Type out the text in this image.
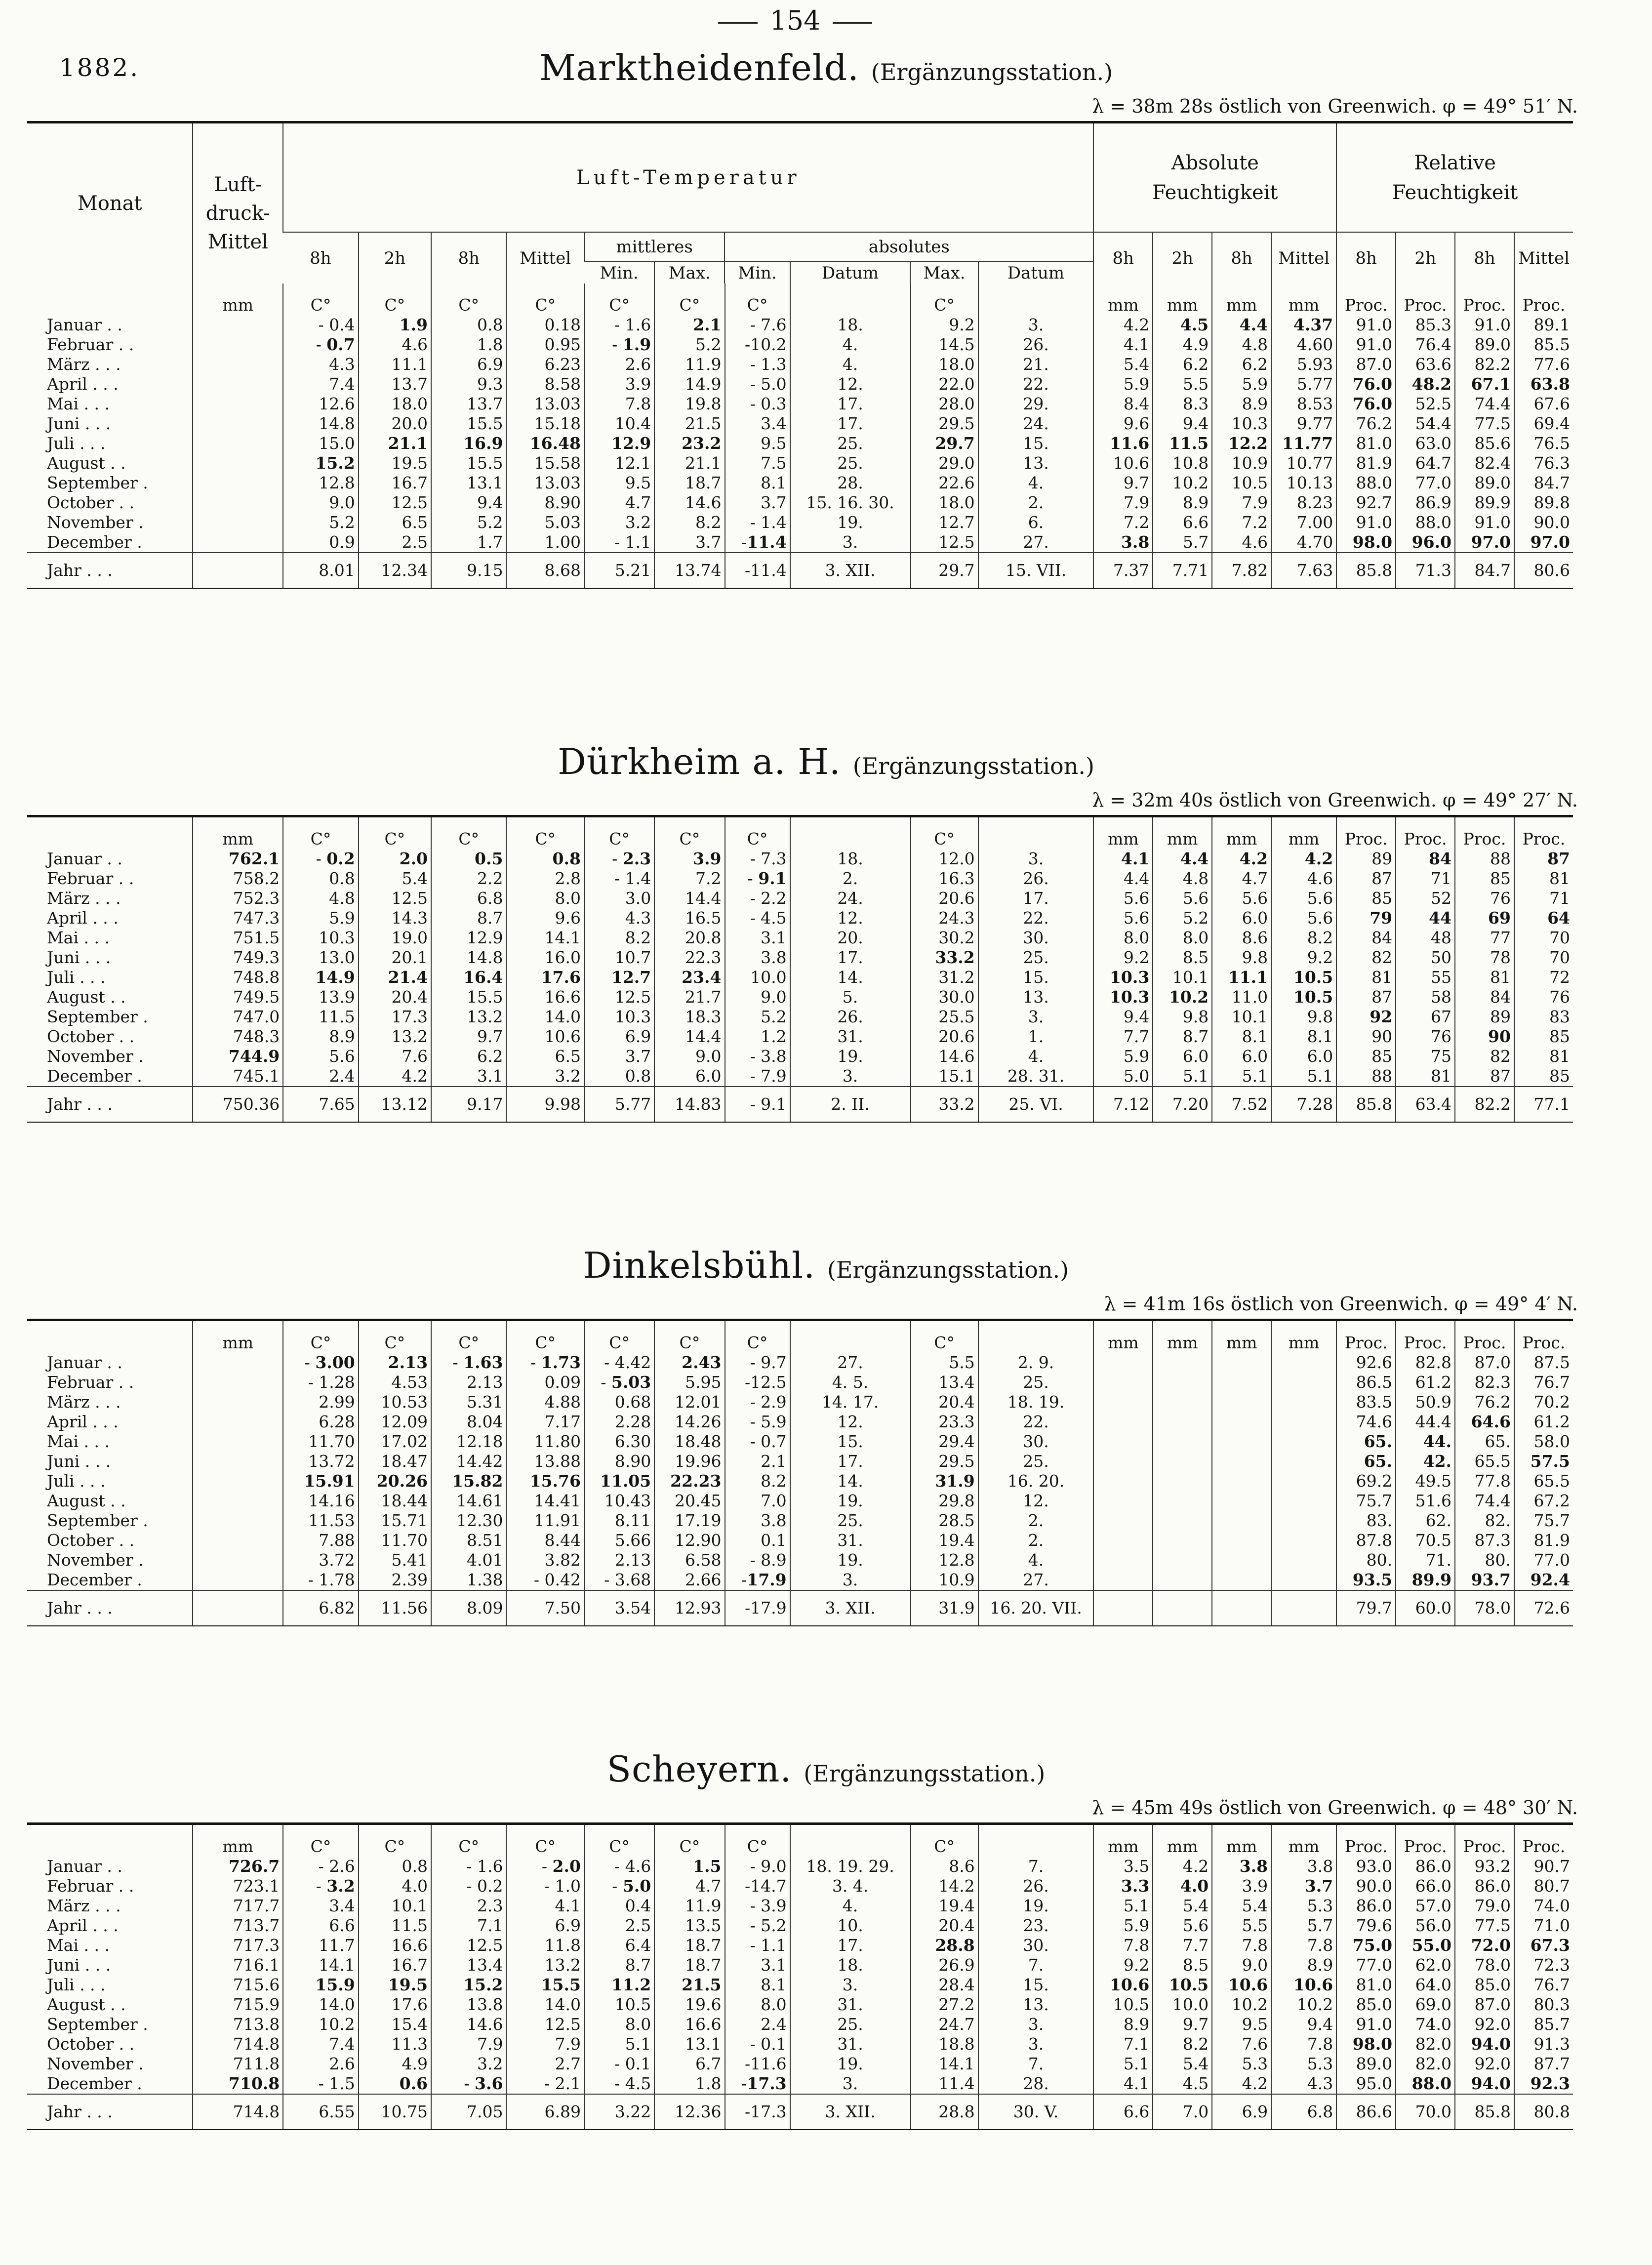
154
1882.	Marktheidenfeld. (Ergänzungsstation.)
λ = 38m 28s östlich von Greenwich. φ = 49° 51′ N.
Monat	Luft-
druck-
Mittel	Luft-Temperatur										Absolute
Feuchtigkeit				Relative
Feuchtigkeit			
		8h	2h	8h	Mittel	mittleres		absolutes				8h	2h	8h	Mittel	8h	2h	8h	Mittel
						Min.	Max.	Min.	Datum	Max.	Datum								
	mm	C°	C°	C°	C°	C°	C°	C°		C°		mm	mm	mm	mm	Proc.	Proc.	Proc.	Proc.
Januar . .		- 0.4	1.9	0.8	0.18	- 1.6	2.1	- 7.6	18.	9.2	3.	4.2	4.5	4.4	4.37	91.0	85.3	91.0	89.1
Februar . .		- 0.7	4.6	1.8	0.95	- 1.9	5.2	-10.2	4.	14.5	26.	4.1	4.9	4.8	4.60	91.0	76.4	89.0	85.5
März . . .		4.3	11.1	6.9	6.23	2.6	11.9	- 1.3	4.	18.0	21.	5.4	6.2	6.2	5.93	87.0	63.6	82.2	77.6
April . . .		7.4	13.7	9.3	8.58	3.9	14.9	- 5.0	12.	22.0	22.	5.9	5.5	5.9	5.77	76.0	48.2	67.1	63.8
Mai . . .		12.6	18.0	13.7	13.03	7.8	19.8	- 0.3	17.	28.0	29.	8.4	8.3	8.9	8.53	76.0	52.5	74.4	67.6
Juni . . .		14.8	20.0	15.5	15.18	10.4	21.5	3.4	17.	29.5	24.	9.6	9.4	10.3	9.77	76.2	54.4	77.5	69.4
Juli . . .		15.0	21.1	16.9	16.48	12.9	23.2	9.5	25.	29.7	15.	11.6	11.5	12.2	11.77	81.0	63.0	85.6	76.5
August . .		15.2	19.5	15.5	15.58	12.1	21.1	7.5	25.	29.0	13.	10.6	10.8	10.9	10.77	81.9	64.7	82.4	76.3
September .		12.8	16.7	13.1	13.03	9.5	18.7	8.1	28.	22.6	4.	9.7	10.2	10.5	10.13	88.0	77.0	89.0	84.7
October . .		9.0	12.5	9.4	8.90	4.7	14.6	3.7	15. 16. 30.	18.0	2.	7.9	8.9	7.9	8.23	92.7	86.9	89.9	89.8
November .		5.2	6.5	5.2	5.03	3.2	8.2	- 1.4	19.	12.7	6.	7.2	6.6	7.2	7.00	91.0	88.0	91.0	90.0
December .		0.9	2.5	1.7	1.00	- 1.1	3.7	-11.4	3.	12.5	27.	3.8	5.7	4.6	4.70	98.0	96.0	97.0	97.0
Jahr . . .		8.01	12.34	9.15	8.68	5.21	13.74	-11.4	3. XII.	29.7	15. VII.	7.37	7.71	7.82	7.63	85.8	71.3	84.7	80.6
Dürkheim a. H. (Ergänzungsstation.)
λ = 32m 40s östlich von Greenwich. φ = 49° 27′ N.
	mm	C°	C°	C°	C°	C°	C°	C°		C°		mm	mm	mm	mm	Proc.	Proc.	Proc.	Proc.
Januar . .	762.1	- 0.2	2.0	0.5	0.8	- 2.3	3.9	- 7.3	18.	12.0	3.	4.1	4.4	4.2	4.2	89	84	88	87
Februar . .	758.2	0.8	5.4	2.2	2.8	- 1.4	7.2	- 9.1	2.	16.3	26.	4.4	4.8	4.7	4.6	87	71	85	81
März . . .	752.3	4.8	12.5	6.8	8.0	3.0	14.4	- 2.2	24.	20.6	17.	5.6	5.6	5.6	5.6	85	52	76	71
April . . .	747.3	5.9	14.3	8.7	9.6	4.3	16.5	- 4.5	12.	24.3	22.	5.6	5.2	6.0	5.6	79	44	69	64
Mai . . .	751.5	10.3	19.0	12.9	14.1	8.2	20.8	3.1	20.	30.2	30.	8.0	8.0	8.6	8.2	84	48	77	70
Juni . . .	749.3	13.0	20.1	14.8	16.0	10.7	22.3	3.8	17.	33.2	25.	9.2	8.5	9.8	9.2	82	50	78	70
Juli . . .	748.8	14.9	21.4	16.4	17.6	12.7	23.4	10.0	14.	31.2	15.	10.3	10.1	11.1	10.5	81	55	81	72
August . .	749.5	13.9	20.4	15.5	16.6	12.5	21.7	9.0	5.	30.0	13.	10.3	10.2	11.0	10.5	87	58	84	76
September .	747.0	11.5	17.3	13.2	14.0	10.3	18.3	5.2	26.	25.5	3.	9.4	9.8	10.1	9.8	92	67	89	83
October . .	748.3	8.9	13.2	9.7	10.6	6.9	14.4	1.2	31.	20.6	1.	7.7	8.7	8.1	8.1	90	76	90	85
November .	744.9	5.6	7.6	6.2	6.5	3.7	9.0	- 3.8	19.	14.6	4.	5.9	6.0	6.0	6.0	85	75	82	81
December .	745.1	2.4	4.2	3.1	3.2	0.8	6.0	- 7.9	3.	15.1	28. 31.	5.0	5.1	5.1	5.1	88	81	87	85
Jahr . . .	750.36	7.65	13.12	9.17	9.98	5.77	14.83	- 9.1	2. II.	33.2	25. VI.	7.12	7.20	7.52	7.28	85.8	63.4	82.2	77.1
Dinkelsbühl. (Ergänzungsstation.)
λ = 41m 16s östlich von Greenwich. φ = 49° 4′ N.
	mm	C°	C°	C°	C°	C°	C°	C°		C°		mm	mm	mm	mm	Proc.	Proc.	Proc.	Proc.
Januar . .		- 3.00	2.13	- 1.63	- 1.73	- 4.42	2.43	- 9.7	27.	5.5	2. 9.					92.6	82.8	87.0	87.5
Februar . .		- 1.28	4.53	2.13	0.09	- 5.03	5.95	-12.5	4. 5.	13.4	25.					86.5	61.2	82.3	76.7
März . . .		2.99	10.53	5.31	4.88	0.68	12.01	- 2.9	14. 17.	20.4	18. 19.					83.5	50.9	76.2	70.2
April . . .		6.28	12.09	8.04	7.17	2.28	14.26	- 5.9	12.	23.3	22.					74.6	44.4	64.6	61.2
Mai . . .		11.70	17.02	12.18	11.80	6.30	18.48	- 0.7	15.	29.4	30.					65.	44.	65.	58.0
Juni . . .		13.72	18.47	14.42	13.88	8.90	19.96	2.1	17.	29.5	25.					65.	42.	65.5	57.5
Juli . . .		15.91	20.26	15.82	15.76	11.05	22.23	8.2	14.	31.9	16. 20.					69.2	49.5	77.8	65.5
August . .		14.16	18.44	14.61	14.41	10.43	20.45	7.0	19.	29.8	12.					75.7	51.6	74.4	67.2
September .		11.53	15.71	12.30	11.91	8.11	17.19	3.8	25.	28.5	2.					83.	62.	82.	75.7
October . .		7.88	11.70	8.51	8.44	5.66	12.90	0.1	31.	19.4	2.					87.8	70.5	87.3	81.9
November .		3.72	5.41	4.01	3.82	2.13	6.58	- 8.9	19.	12.8	4.					80.	71.	80.	77.0
December .		- 1.78	2.39	1.38	- 0.42	- 3.68	2.66	-17.9	3.	10.9	27.					93.5	89.9	93.7	92.4
Jahr . . .		6.82	11.56	8.09	7.50	3.54	12.93	-17.9	3. XII.	31.9	16. 20. VII.					79.7	60.0	78.0	72.6
Scheyern. (Ergänzungsstation.)
λ = 45m 49s östlich von Greenwich. φ = 48° 30′ N.
	mm	C°	C°	C°	C°	C°	C°	C°		C°		mm	mm	mm	mm	Proc.	Proc.	Proc.	Proc.
Januar . .	726.7	- 2.6	0.8	- 1.6	- 2.0	- 4.6	1.5	- 9.0	18. 19. 29.	8.6	7.	3.5	4.2	3.8	3.8	93.0	86.0	93.2	90.7
Februar . .	723.1	- 3.2	4.0	- 0.2	- 1.0	- 5.0	4.7	-14.7	3. 4.	14.2	26.	3.3	4.0	3.9	3.7	90.0	66.0	86.0	80.7
März . . .	717.7	3.4	10.1	2.3	4.1	0.4	11.9	- 3.9	4.	19.4	19.	5.1	5.4	5.4	5.3	86.0	57.0	79.0	74.0
April . . .	713.7	6.6	11.5	7.1	6.9	2.5	13.5	- 5.2	10.	20.4	23.	5.9	5.6	5.5	5.7	79.6	56.0	77.5	71.0
Mai . . .	717.3	11.7	16.6	12.5	11.8	6.4	18.7	- 1.1	17.	28.8	30.	7.8	7.7	7.8	7.8	75.0	55.0	72.0	67.3
Juni . . .	716.1	14.1	16.7	13.4	13.2	8.7	18.7	3.1	18.	26.9	7.	9.2	8.5	9.0	8.9	77.0	62.0	78.0	72.3
Juli . . .	715.6	15.9	19.5	15.2	15.5	11.2	21.5	8.1	3.	28.4	15.	10.6	10.5	10.6	10.6	81.0	64.0	85.0	76.7
August . .	715.9	14.0	17.6	13.8	14.0	10.5	19.6	8.0	31.	27.2	13.	10.5	10.0	10.2	10.2	85.0	69.0	87.0	80.3
September .	713.8	10.2	15.4	14.6	12.5	8.0	16.6	2.4	25.	24.7	3.	8.9	9.7	9.5	9.4	91.0	74.0	92.0	85.7
October . .	714.8	7.4	11.3	7.9	7.9	5.1	13.1	- 0.1	31.	18.8	3.	7.1	8.2	7.6	7.8	98.0	82.0	94.0	91.3
November .	711.8	2.6	4.9	3.2	2.7	- 0.1	6.7	-11.6	19.	14.1	7.	5.1	5.4	5.3	5.3	89.0	82.0	92.0	87.7
December .	710.8	- 1.5	0.6	- 3.6	- 2.1	- 4.5	1.8	-17.3	3.	11.4	28.	4.1	4.5	4.2	4.3	95.0	88.0	94.0	92.3
Jahr . . .	714.8	6.55	10.75	7.05	6.89	3.22	12.36	-17.3	3. XII.	28.8	30. V.	6.6	7.0	6.9	6.8	86.6	70.0	85.8	80.8
